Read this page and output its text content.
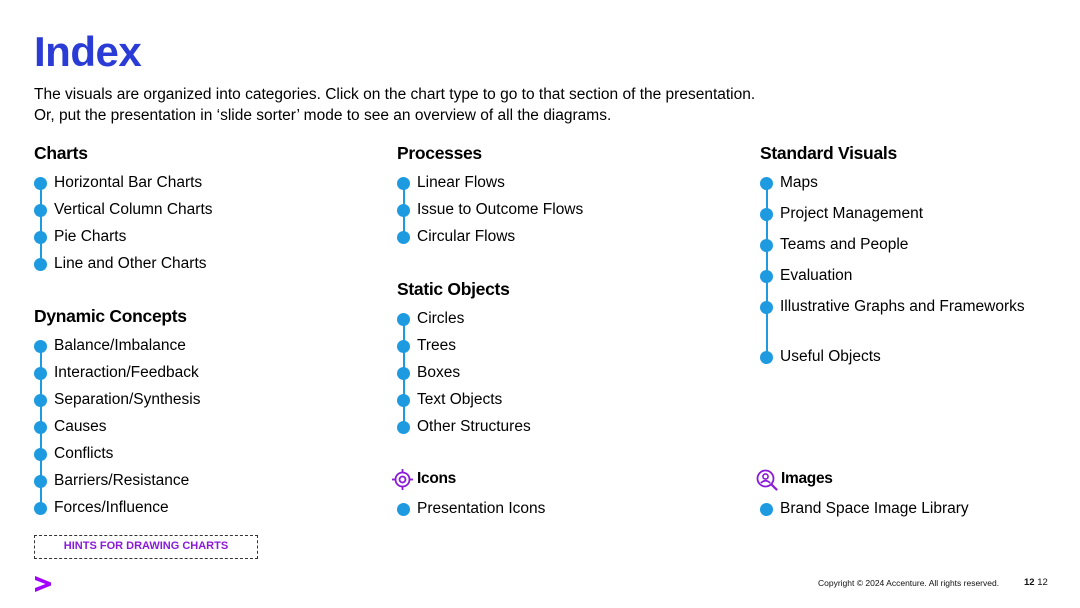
Index
The visuals are organized into categories. Click on the chart type to go to that section of the presentation.
Or, put the presentation in ‘slide sorter’ mode to see an overview of all the diagrams.
Charts
Horizontal Bar Charts
Vertical Column Charts
Pie Charts
Line and Other Charts
Dynamic Concepts
Balance/Imbalance
Interaction/Feedback
Separation/Synthesis
Causes
Conflicts
Barriers/Resistance
Forces/Influence
Processes
Linear Flows
Issue to Outcome Flows
Circular Flows
Static Objects
Circles
Trees
Boxes
Text Objects
Other Structures
Icons
Presentation Icons
Standard Visuals
Maps
Project Management
Teams and People
Evaluation
Illustrative Graphs and Frameworks
Useful Objects
Images
Brand Space Image Library
HINTS FOR DRAWING CHARTS
Copyright © 2024 Accenture. All rights reserved.	12 12
